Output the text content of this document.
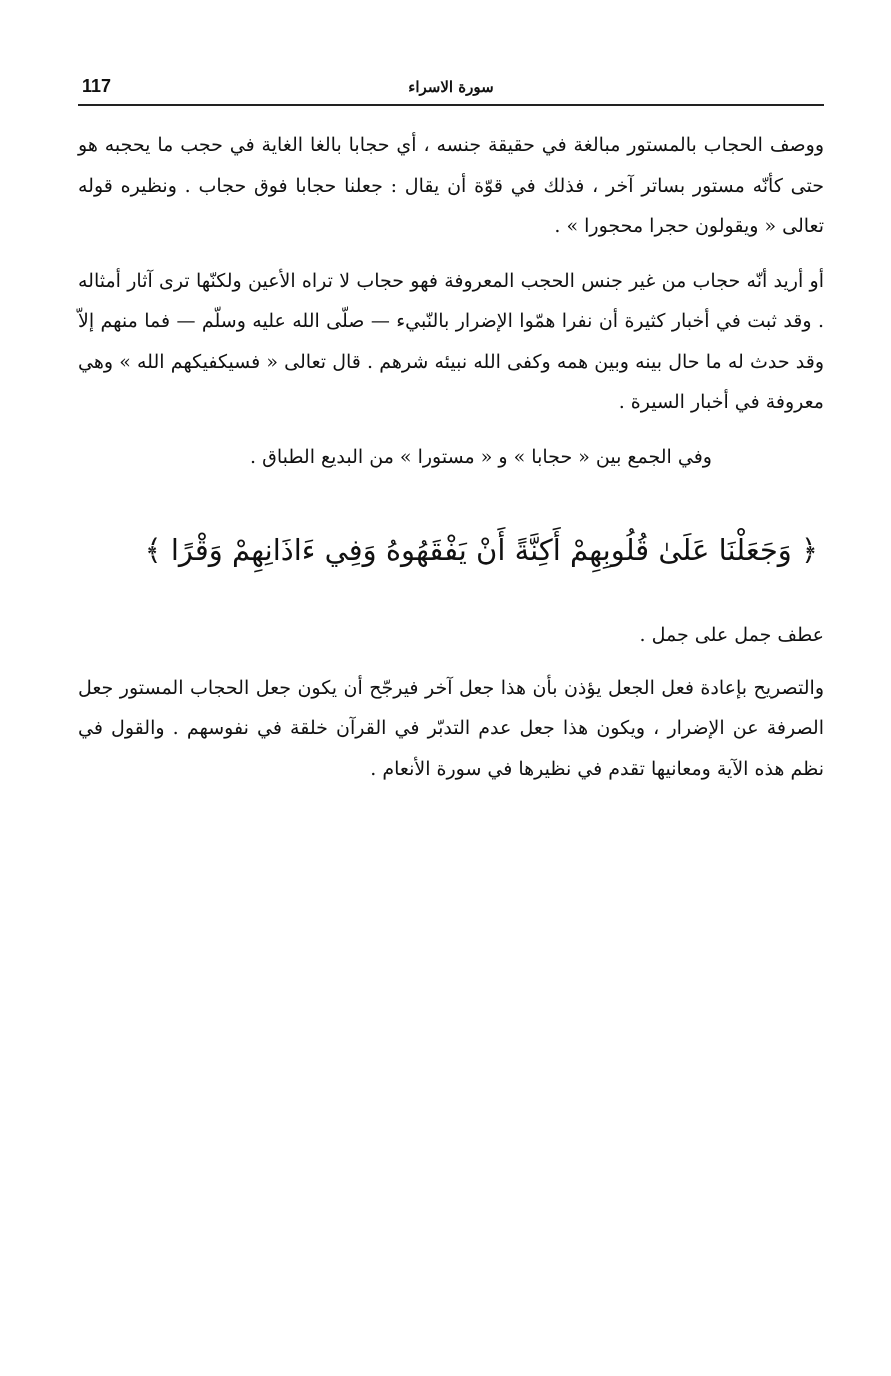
117	سورة الاسراء

ووصف الحجاب بالمستور مبالغة في حقيقة جنسه ، أي حجابا بالغا الغاية في حجب ما يحجبه هو حتى كأنّه مستور بساتر آخر ، فذلك في قوّة أن يقال : جعلنا حجابا فوق حجاب . ونظيره قوله تعالى « ويقولون حجرا محجورا » .

أو أريد أنّه حجاب من غير جنس الحجب المعروفة فهو حجاب لا تراه الأعين ولكنّها ترى آثار أمثاله . وقد ثبت في أخبار كثيرة أن نفرا همّوا الإضرار بالنّبيء — صلّى الله عليه وسلّم — فما منهم إلاّ وقد حدث له ما حال بينه وبين همه وكفى الله نبيئه شرهم . قال تعالى « فسيكفيكهم الله » وهي معروفة في أخبار السيرة .

وفي الجمع بين « حجابا » و « مستورا » من البديع الطباق .

﴿ وَجَعَلْنَا عَلَىٰ قُلُوبِهِمْ أَكِنَّةً أَنْ يَفْقَهُوهُ وَفِي ءَاذَانِهِمْ وَقْرًا ﴾

عطف جمل على جمل .

والتصريح بإعادة فعل الجعل يؤذن بأن هذا جعل آخر فيرجّح أن يكون جعل الحجاب المستور جعل الصرفة عن الإضرار ، ويكون هذا جعل عدم التدبّر في القرآن خلقة في نفوسهم . والقول في نظم هذه الآية ومعانيها تقدم في نظيرها في سورة الأنعام .
